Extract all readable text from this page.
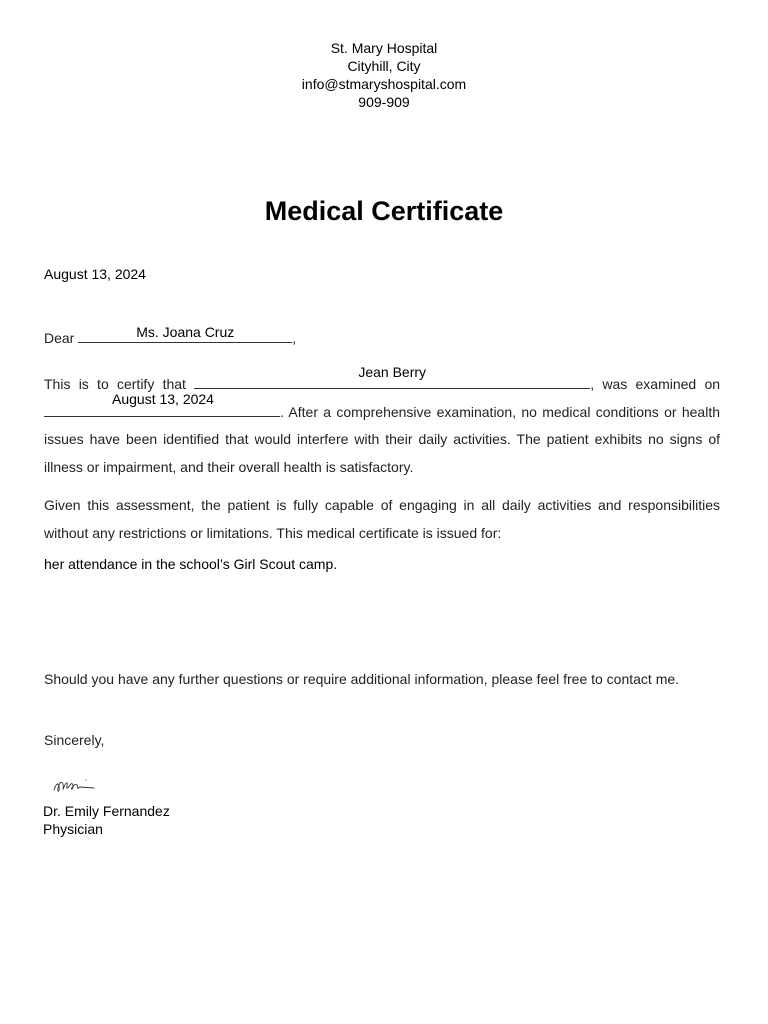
St. Mary Hospital
Cityhill, City
info@stmaryshospital.com
909-909
Medical Certificate
August 13, 2024
Dear	Ms. Joana Cruz	,
This is to certify that
Jean Berry
, was examined on
August 13, 2024
. After a comprehensive examination, no medical conditions or health issues have been identified that would interfere with their daily activities. The patient exhibits no signs of illness or impairment, and their overall health is satisfactory.
Given this assessment, the patient is fully capable of engaging in all daily activities and responsibilities without any restrictions or limitations. This medical certificate is issued for:
her attendance in the school’s Girl Scout camp.
Should you have any further questions or require additional information, please feel free to contact me.
Sincerely,
Dr. Emily Fernandez
Physician
